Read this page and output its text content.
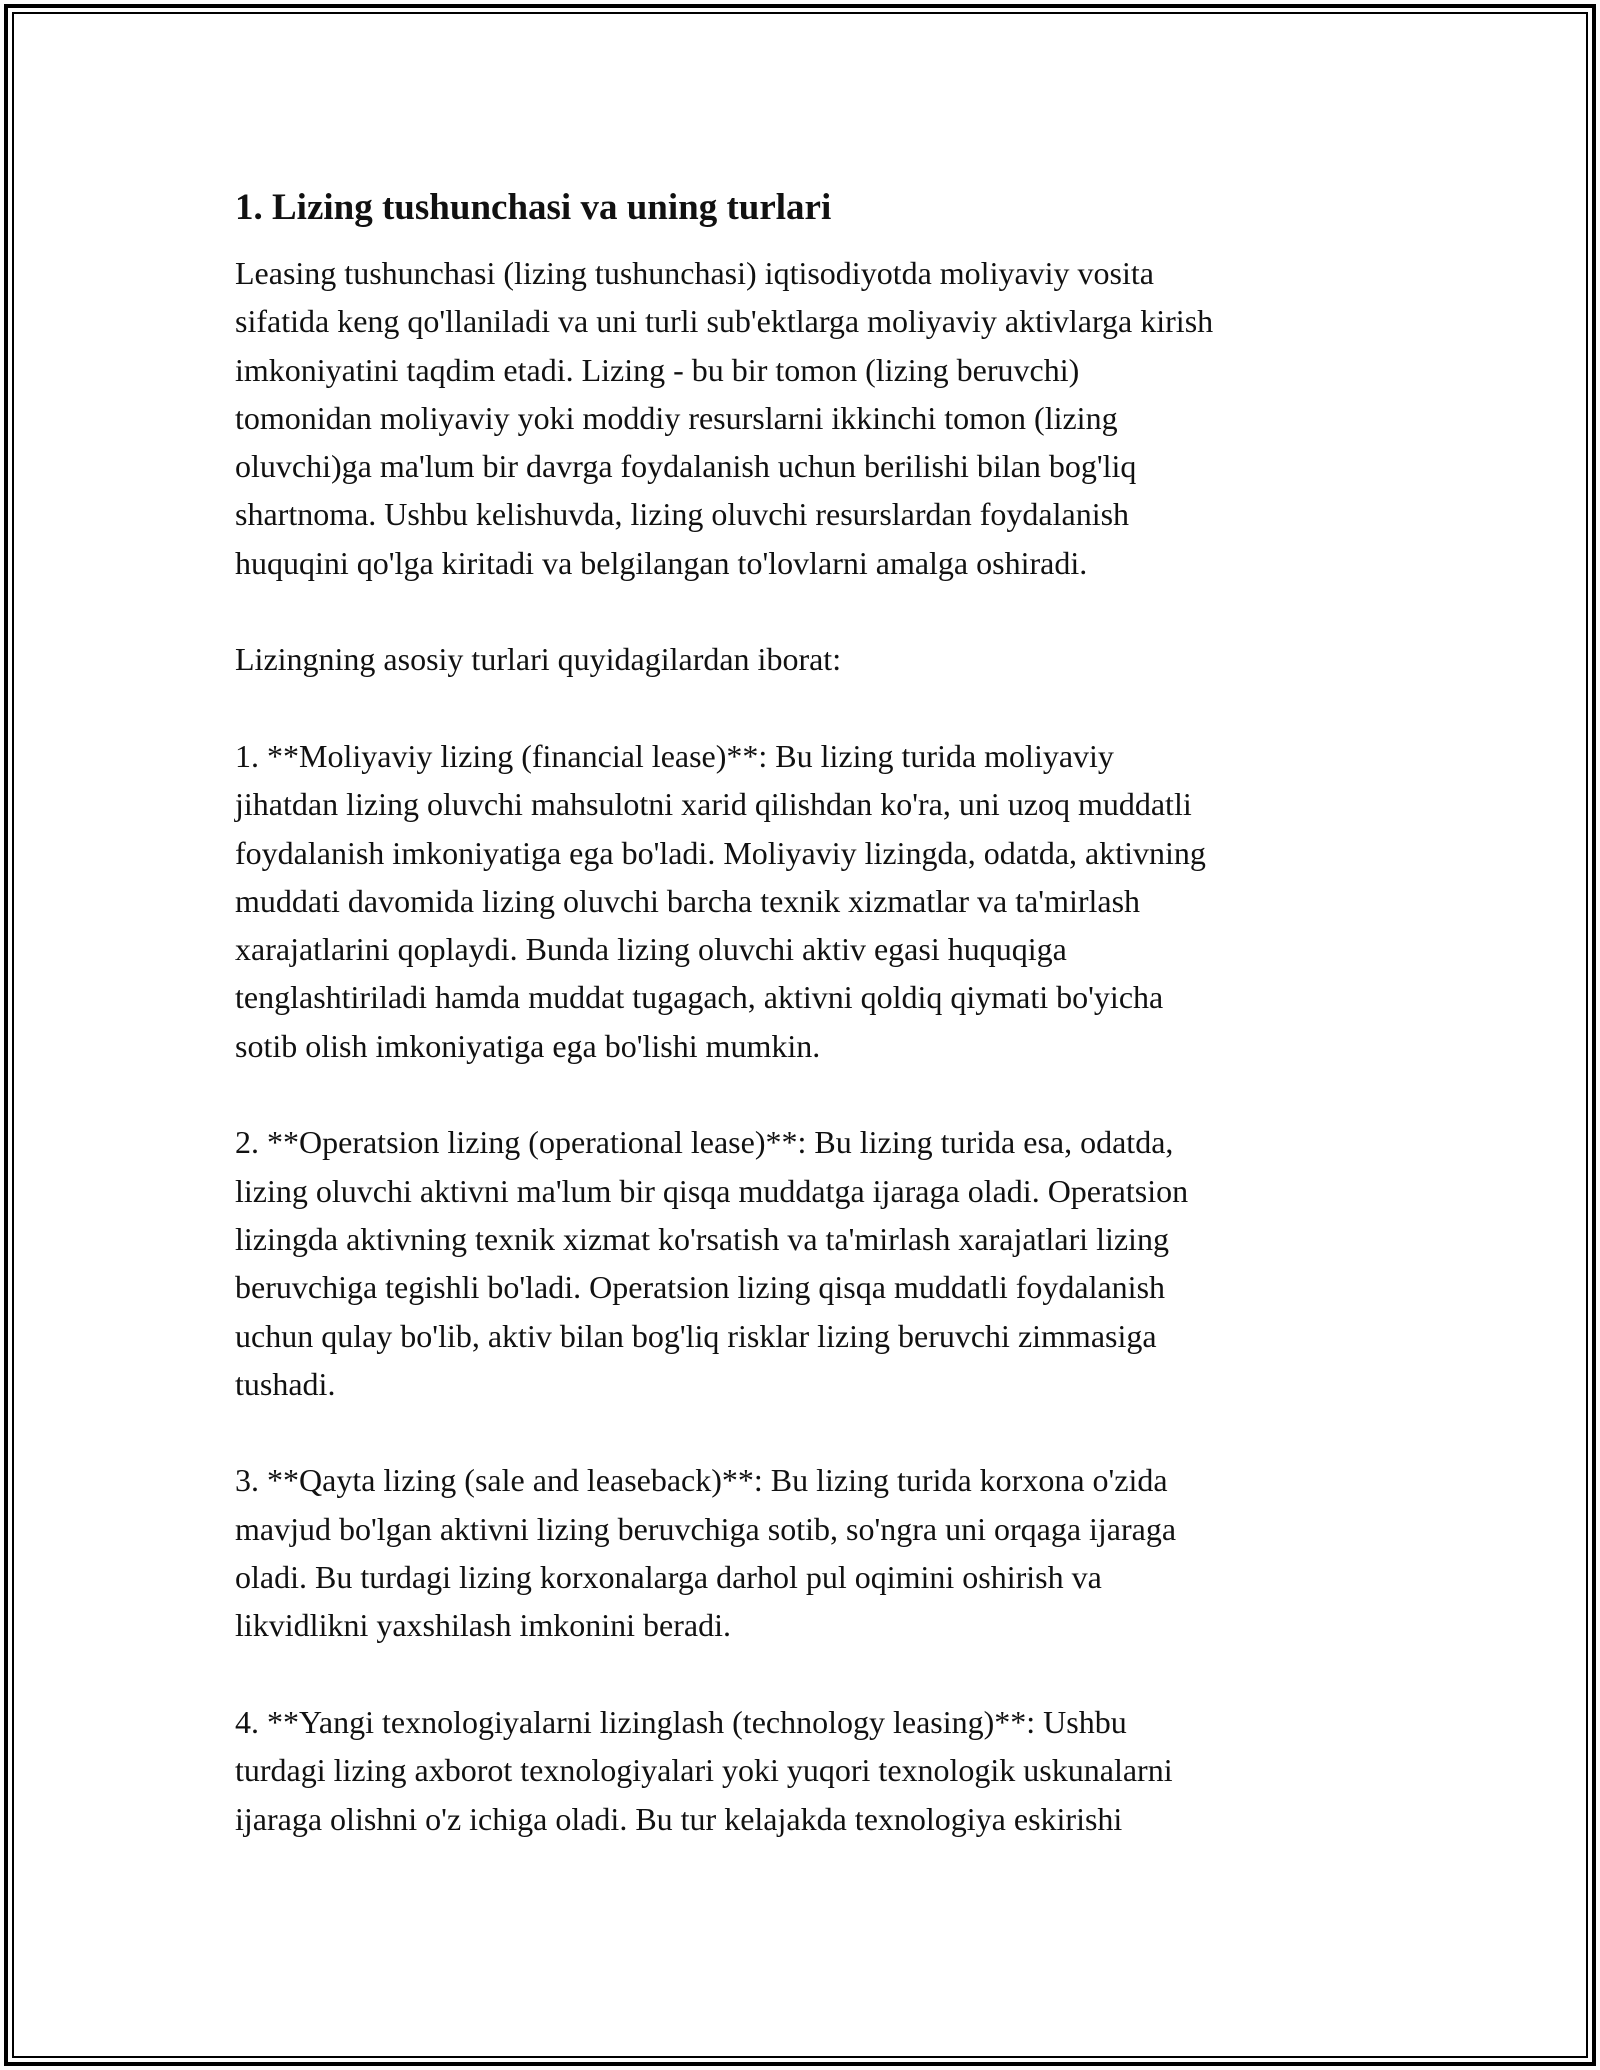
1. Lizing tushunchasi va uning turlari

Leasing tushunchasi (lizing tushunchasi) iqtisodiyotda moliyaviy vosita
sifatida keng qo'llaniladi va uni turli sub'ektlarga moliyaviy aktivlarga kirish
imkoniyatini taqdim etadi. Lizing - bu bir tomon (lizing beruvchi)
tomonidan moliyaviy yoki moddiy resurslarni ikkinchi tomon (lizing
oluvchi)ga ma'lum bir davrga foydalanish uchun berilishi bilan bog'liq
shartnoma. Ushbu kelishuvda, lizing oluvchi resurslardan foydalanish
huquqini qo'lga kiritadi va belgilangan to'lovlarni amalga oshiradi.

Lizingning asosiy turlari quyidagilardan iborat:

1. **Moliyaviy lizing (financial lease)**: Bu lizing turida moliyaviy
jihatdan lizing oluvchi mahsulotni xarid qilishdan ko'ra, uni uzoq muddatli
foydalanish imkoniyatiga ega bo'ladi. Moliyaviy lizingda, odatda, aktivning
muddati davomida lizing oluvchi barcha texnik xizmatlar va ta'mirlash
xarajatlarini qoplaydi. Bunda lizing oluvchi aktiv egasi huquqiga
tenglashtiriladi hamda muddat tugagach, aktivni qoldiq qiymati bo'yicha
sotib olish imkoniyatiga ega bo'lishi mumkin.

2. **Operatsion lizing (operational lease)**: Bu lizing turida esa, odatda,
lizing oluvchi aktivni ma'lum bir qisqa muddatga ijaraga oladi. Operatsion
lizingda aktivning texnik xizmat ko'rsatish va ta'mirlash xarajatlari lizing
beruvchiga tegishli bo'ladi. Operatsion lizing qisqa muddatli foydalanish
uchun qulay bo'lib, aktiv bilan bog'liq risklar lizing beruvchi zimmasiga
tushadi.

3. **Qayta lizing (sale and leaseback)**: Bu lizing turida korxona o'zida
mavjud bo'lgan aktivni lizing beruvchiga sotib, so'ngra uni orqaga ijaraga
oladi. Bu turdagi lizing korxonalarga darhol pul oqimini oshirish va
likvidlikni yaxshilash imkonini beradi.

4. **Yangi texnologiyalarni lizinglash (technology leasing)**: Ushbu
turdagi lizing axborot texnologiyalari yoki yuqori texnologik uskunalarni
ijaraga olishni o'z ichiga oladi. Bu tur kelajakda texnologiya eskirishi
